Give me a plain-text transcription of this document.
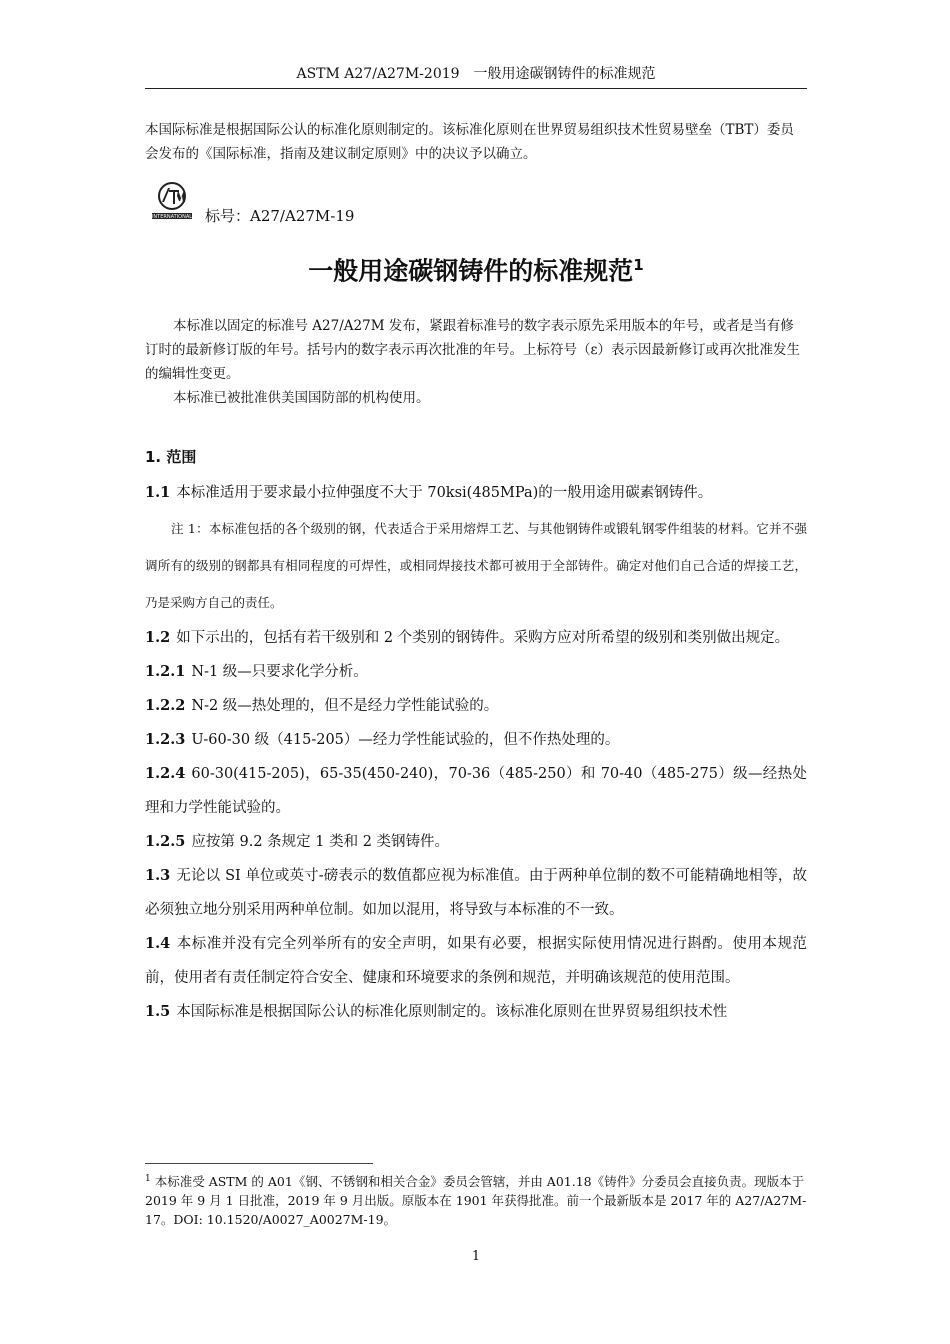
ASTM A27/A27M-2019　一般用途碳钢铸件的标准规范
本国际标准是根据国际公认的标准化原则制定的。该标准化原则在世界贸易组织技术性贸易壁垒（TBT）委员会发布的《国际标准，指南及建议制定原则》中的决议予以确立。
INTERNATIONAL 标号：A27/A27M-19
一般用途碳钢铸件的标准规范$^1$

本标准以固定的标准号 A27/A27M 发布，紧跟着标准号的数字表示原先采用版本的年号，或者是当有修订时的最新修订版的年号。括号内的数字表示再次批准的年号。上标符号（ε）表示因最新修订或再次批准发生的编辑性变更。

本标准已被批准供美国国防部的机构使用。

1. 范围

1.1 本标准适用于要求最小拉伸强度不大于 70ksi(485MPa)的一般用途用碳素钢铸件。

注 1：本标准包括的各个级别的钢，代表适合于采用熔焊工艺、与其他钢铸件或锻轧钢零件组装的材料。它并不强调所有的级别的钢都具有相同程度的可焊性，或相同焊接技术都可被用于全部铸件。确定对他们自己合适的焊接工艺，乃是采购方自己的责任。

1.2 如下示出的，包括有若干级别和 2 个类别的钢铸件。采购方应对所希望的级别和类别做出规定。

1.2.1 N-1 级—只要求化学分析。

1.2.2 N-2 级—热处理的，但不是经力学性能试验的。

1.2.3 U-60-30 级（415-205）—经力学性能试验的，但不作热处理的。

1.2.4 60-30(415-205)，65-35(450-240)，70-36（485-250）和 70-40（485-275）级—经热处理和力学性能试验的。

1.2.5 应按第 9.2 条规定 1 类和 2 类钢铸件。

1.3 无论以 SI 单位或英寸-磅表示的数值都应视为标准值。由于两种单位制的数不可能精确地相等，故必须独立地分别采用两种单位制。如加以混用，将导致与本标准的不一致。

1.4 本标准并没有完全列举所有的安全声明，如果有必要，根据实际使用情况进行斟酌。使用本规范前，使用者有责任制定符合安全、健康和环境要求的条例和规范，并明确该规范的使用范围。

1.5 本国际标准是根据国际公认的标准化原则制定的。该标准化原则在世界贸易组织技术性

$^1$ 本标准受 ASTM 的 A01《钢、不锈钢和相关合金》委员会管辖，并由 A01.18《铸件》分委员会直接负责。现版本于 2019 年 9 月 1 日批准，2019 年 9 月出版。原版本在 1901 年获得批准。前一个最新版本是 2017 年的 A27/A27M-17。DOI: 10.1520/A0027_A0027M-19。
1
